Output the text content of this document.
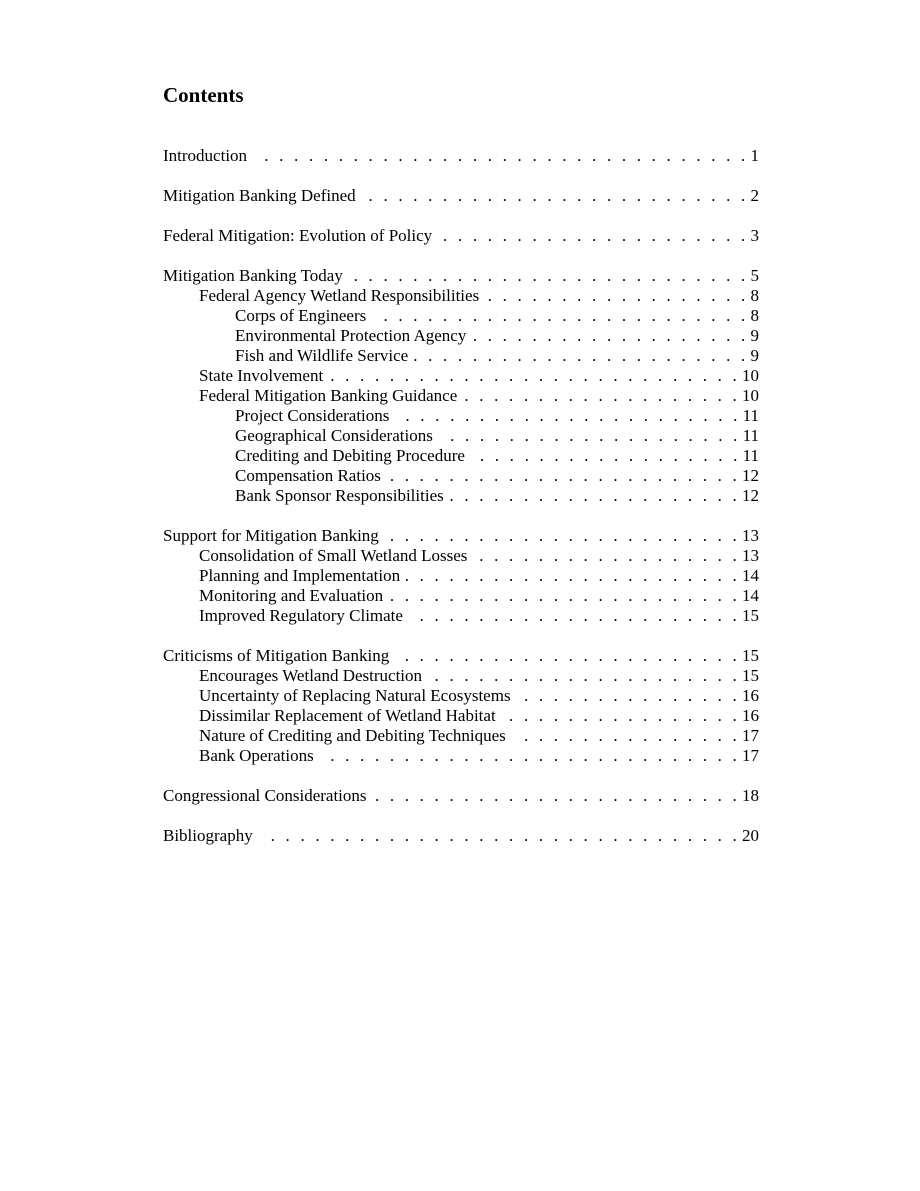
Contents
Introduction . . .	1
Mitigation Banking Defined . . .	2
Federal Mitigation: Evolution of Policy . . .	3
Mitigation Banking Today . . .	5
Federal Agency Wetland Responsibilities . . .	8
Corps of Engineers . . .	8
Environmental Protection Agency . . .	9
Fish and Wildlife Service . . .	9
State Involvement . . .	10
Federal Mitigation Banking Guidance . . .	10
Project Considerations . . .	11
Geographical Considerations . . .	11
Crediting and Debiting Procedure . . .	11
Compensation Ratios . . .	12
Bank Sponsor Responsibilities . . .	12
Support for Mitigation Banking . . .	13
Consolidation of Small Wetland Losses . . .	13
Planning and Implementation . . .	14
Monitoring and Evaluation . . .	14
Improved Regulatory Climate . . .	15
Criticisms of Mitigation Banking . . .	15
Encourages Wetland Destruction . . .	15
Uncertainty of Replacing Natural Ecosystems . . .	16
Dissimilar Replacement of Wetland Habitat . . .	16
Nature of Crediting and Debiting Techniques . . .	17
Bank Operations . . .	17
Congressional Considerations . . .	18
Bibliography . . .	20
